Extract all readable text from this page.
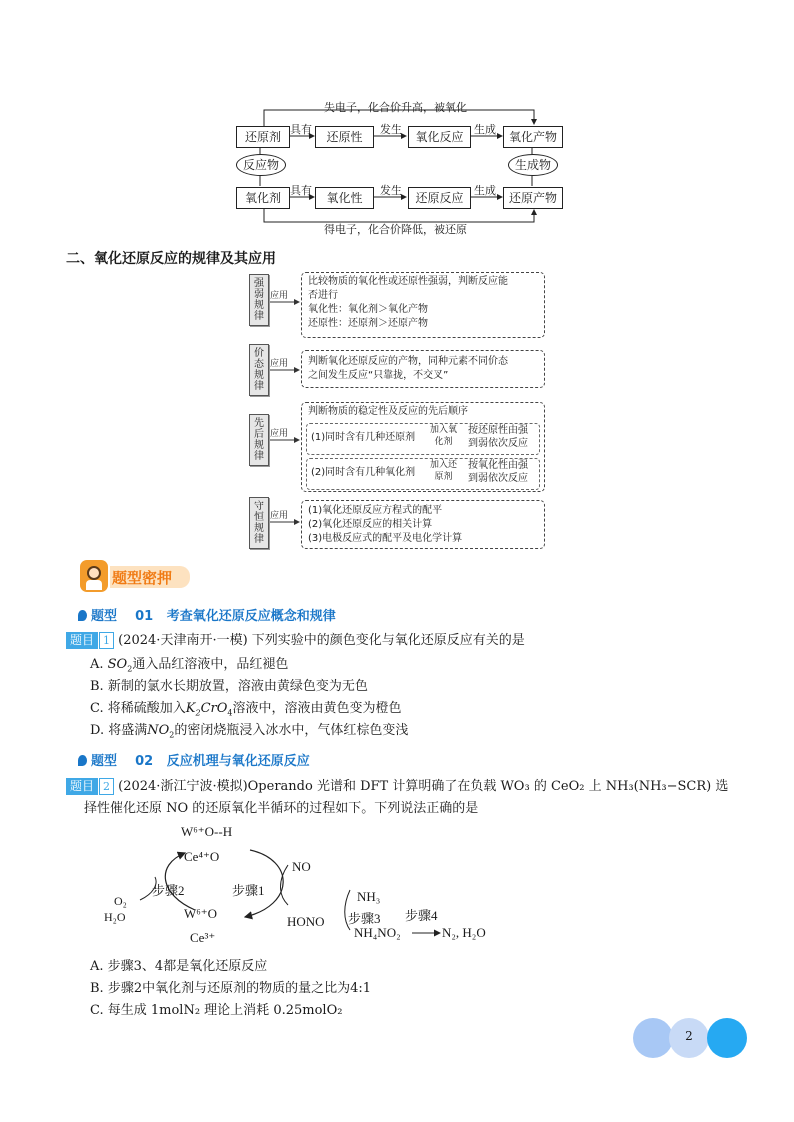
失电子，化合价升高，被氧化
还原剂
具有
还原性
发生
氧化反应
生成
氧化产物
反应物	生成物
氧化剂
具有
氧化性
发生
还原反应
生成
还原产物
得电子，化合价降低，被还原
二、氧化还原反应的规律及其应用
强弱规律
应用
比较物质的氧化性或还原性强弱，判断反应能
否进行
氧化性：氧化剂＞氧化产物
还原性：还原剂＞还原产物
价态规律
应用 判断氧化还原反应的产物，同种元素不同价态
之间发生反应“只靠拢，不交叉”
先后规律
应用
判断物质的稳定性及反应的先后顺序
(1)同时含有几种还原剂
加入氧
化剂
按还原性由强
到弱依次反应
(2)同时含有几种氧化剂
加入还
原剂
按氧化性由强
到弱依次反应
守恒规律
应用 (1)氧化还原反应方程式的配平
(2)氧化还原反应的相关计算
(3)电极反应式的配平及电化学计算
题型密押
题型 01 考查氧化还原反应概念和规律
题目 1 (2024·天津南开·一模) 下列实验中的颜色变化与氧化还原反应有关的是
A. $SO_2$通入品红溶液中，品红褪色
B. 新制的氯水长期放置，溶液由黄绿色变为无色
C. 将稀硫酸加入$K_2CrO_4$溶液中，溶液由黄色变为橙色
D. 将盛满$NO_2$的密闭烧瓶浸入冰水中，气体红棕色变浅
题型 02 反应机理与氧化还原反应
题目 2 (2024·浙江宁波·模拟)Operando 光谱和 DFT 计算明确了在负载 WO₃ 的 CeO₂ 上 NH₃(NH₃−SCR) 选
择性催化还原 NO 的还原氧化半循环的过程如下。下列说法正确的是
W⁶⁺O‑‑H
Ce⁴⁺O
NO
步骤2	步骤1
O₂
H₂O	W⁶⁺O
Ce³⁺
HONO
NH₃
步骤3 步骤4
NH₄NO₂	N₂, H₂O
A. 步骤3、4都是氧化还原反应
B. 步骤2中氧化剂与还原剂的物质的量之比为4:1
C. 每生成 1molN₂ 理论上消耗 0.25molO₂
2
